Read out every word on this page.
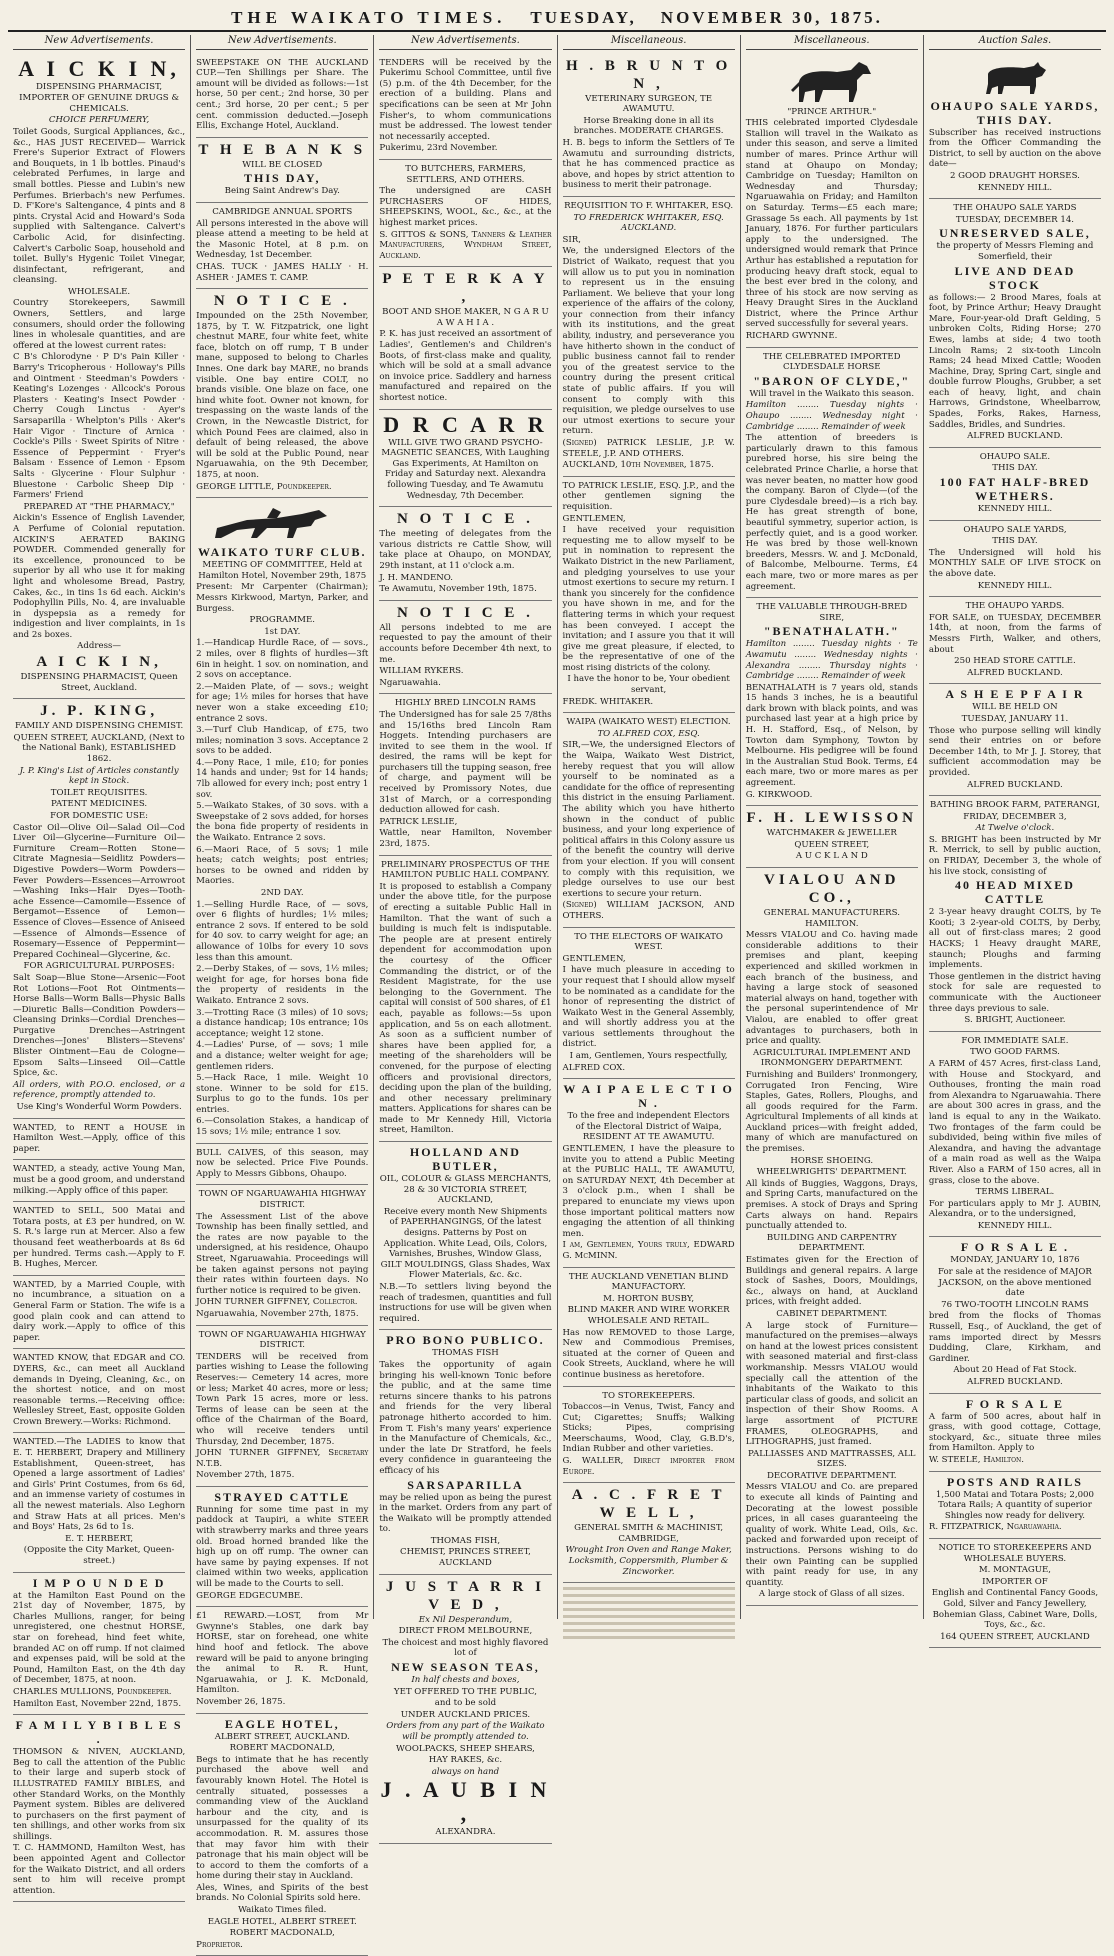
THE WAIKATO TIMES. TUESDAY, NOVEMBER 30, 1875.
New Advertisements.
A I C K I N,

DISPENSING PHARMACIST,

IMPORTER OF GENUINE DRUGS & CHEMICALS.

CHOICE PERFUMERY,

Toilet Goods, Surgical Appliances, &c., &c., HAS JUST RECEIVED— Warrick Frere's Superior Extract of Flowers and Bouquets, in 1 lb bottles. Pinaud's celebrated Perfumes, in large and small bottles. Piesse and Lubin's new Perfumes. Brierbach's new Perfumes. D. F'Kore's Saltengance, 4 pints and 8 pints. Crystal Acid and Howard's Soda supplied with Saltengance. Calvert's Carbolic Acid, for disinfecting. Calvert's Carbolic Soap, household and toilet. Bully's Hygenic Toilet Vinegar, disinfectant, refrigerant, and cleansing.

WHOLESALE.

Country Storekeepers, Sawmill Owners, Settlers, and large consumers, should order the following lines in wholesale quantities, and are offered at the lowest current rates:

C B's Chlorodyne · P D's Pain Killer · Barry's Tricopherous · Holloway's Pills and Ointment · Steedman's Powders · Keating's Lozenges · Allcock's Porous Plasters · Keating's Insect Powder · Cherry Cough Linctus · Ayer's Sarsaparilla · Whelpton's Pills · Aker's Hair Vigor · Tincture of Arnica · Cockle's Pills · Sweet Spirits of Nitre · Essence of Peppermint · Fryer's Balsam · Essence of Lemon · Epsom Salts · Glycerine · Flour Sulphur · Bluestone · Carbolic Sheep Dip · Farmers' Friend

PREPARED AT "THE PHARMACY,"

Aickin's Essence of English Lavender, A Perfume of Colonial reputation. AICKIN'S AERATED BAKING POWDER. Commended generally for its excellence, pronounced to be superior by all who use it for making light and wholesome Bread, Pastry, Cakes, &c., in tins 1s 6d each. Aickin's Podophyllin Pills, No. 4, are invaluable in dyspepsia as a remedy for indigestion and liver complaints, in 1s and 2s boxes.

Address—

A I C K I N,

DISPENSING PHARMACIST, Queen Street, Auckland.

J. P. KING,

FAMILY AND DISPENSING CHEMIST.

QUEEN STREET, AUCKLAND, (Next to the National Bank), ESTABLISHED 1862.

J. P. King's List of Articles constantly kept in Stock.

TOILET REQUISITES.

PATENT MEDICINES.

FOR DOMESTIC USE:

Castor Oil—Olive Oil—Salad Oil—Cod Liver Oil—Glycerine—Furniture Oil—Furniture Cream—Rotten Stone—Citrate Magnesia—Seidlitz Powders—Digestive Powders—Worm Powders—Fever Powders—Essences—Arrowroot—Washing Inks—Hair Dyes—Tooth-ache Essence—Camomile—Essence of Bergamot—Essence of Lemon—Essence of Cloves—Essence of Aniseed—Essence of Almonds—Essence of Rosemary—Essence of Peppermint—Prepared Cochineal—Glycerine, &c.

FOR AGRICULTURAL PURPOSES:

Salt Soap—Blue Stone—Arsenic—Foot Rot Lotions—Foot Rot Ointments—Horse Balls—Worm Balls—Physic Balls—Diuretic Balls—Condition Powders—Cleansing Drinks—Cordial Drenches—Purgative Drenches—Astringent Drenches—Jones' Blisters—Stevens' Blister Ointment—Eau de Cologne—Epsom Salts—Linseed Oil—Cattle Spice, &c.

All orders, with P.O.O. enclosed, or a reference, promptly attended to.

Use King's Wonderful Worm Powders.

WANTED, to RENT a HOUSE in Hamilton West.—Apply, office of this paper.

WANTED, a steady, active Young Man, must be a good groom, and understand milking.—Apply office of this paper.

WANTED to SELL, 500 Matai and Totara posts, at £3 per hundred, on W. S. R.'s large run at Mercer. Also a few thousand feet weatherboards at 8s 6d per hundred. Terms cash.—Apply to F. B. Hughes, Mercer.

WANTED, by a Married Couple, with no incumbrance, a situation on a General Farm or Station. The wife is a good plain cook and can attend to dairy work.—Apply to office of this paper.

WANTED KNOW, that EDGAR and CO. DYERS, &c., can meet all Auckland demands in Dyeing, Cleaning, &c., on the shortest notice, and on most reasonable terms.—Receiving office: Wellesley Street, East, opposite Golden Crown Brewery.—Works: Richmond.

WANTED.—The LADIES to know that E. T. HERBERT, Drapery and Millinery Establishment, Queen-street, has Opened a large assortment of Ladies' and Girls' Print Costumes, from 6s 6d, and an immense variety of costumes in all the newest materials. Also Leghorn and Straw Hats at all prices. Men's and Boys' Hats, 2s 6d to 1s.

E. T. HERBERT,

(Opposite the City Market, Queen-street.)

I M P O U N D E D

at the Hamilton East Pound on the 21st day of November, 1875, by Charles Mullions, ranger, for being unregistered, one chestnut HORSE, star on forehead, hind feet white, branded AC on off rump. If not claimed and expenses paid, will be sold at the Pound, Hamilton East, on the 4th day of December, 1875, at noon.

CHARLES MULLIONS, Poundkeeper.

Hamilton East, November 22nd, 1875.

F A M I L Y B I B L E S .

THOMSON & NIVEN, AUCKLAND, Beg to call the attention of the Public to their large and superb stock of ILLUSTRATED FAMILY BIBLES, and other Standard Works, on the Monthly Payment system. Bibles are delivered to purchasers on the first payment of ten shillings, and other works from six shillings.

T. C. HAMMOND, Hamilton West, has been appointed Agent and Collector for the Waikato District, and all orders sent to him will receive prompt attention.

New Advertisements.

SWEEPSTAKE ON THE AUCKLAND CUP.—Ten Shillings per Share. The amount will be divided as follows:—1st horse, 50 per cent.; 2nd horse, 30 per cent.; 3rd horse, 20 per cent.; 5 per cent. commission deducted.—Joseph Ellis, Exchange Hotel, Auckland.

T H E B A N K S

WILL BE CLOSED

THIS DAY,

Being Saint Andrew's Day.

CAMBRIDGE ANNUAL SPORTS

All persons interested in the above will please attend a meeting to be held at the Masonic Hotel, at 8 p.m. on Wednesday, 1st December.

CHAS. TUCK · JAMES HALLY · H. ASHER · JAMES T. CAMP.

N O T I C E .

Impounded on the 25th November, 1875, by T. W. Fitzpatrick, one light chestnut MARE, four white feet, white face, blotch on off rump, T B under mane, supposed to belong to Charles Innes. One dark bay MARE, no brands visible. One bay entire COLT, no brands visible. One blaze on face, one hind white foot. Owner not known, for trespassing on the waste lands of the Crown, in the Newcastle District, for which Pound Fees are claimed, also in default of being released, the above will be sold at the Public Pound, near Ngaruawahia, on the 9th December, 1875, at noon.

GEORGE LITTLE, Poundkeeper.

WAIKATO TURF CLUB.

MEETING OF COMMITTEE, Held at Hamilton Hotel, November 29th, 1875

Present: Mr Carpenter (Chairman); Messrs Kirkwood, Martyn, Parker, and Burgess.

PROGRAMME.

1st DAY.

1.—Handicap Hurdle Race, of — sovs., 2 miles, over 8 flights of hurdles—3ft 6in in height. 1 sov. on nomination, and 2 sovs on acceptance.

2.—Maiden Plate, of — sovs.; weight for age; 1½ miles for horses that have never won a stake exceeding £10; entrance 2 sovs.

3.—Turf Club Handicap, of £75, two miles; nomination 3 sovs. Acceptance 2 sovs to be added.

4.—Pony Race, 1 mile, £10; for ponies 14 hands and under; 9st for 14 hands; 7lb allowed for every inch; post entry 1 sov.

5.—Waikato Stakes, of 30 sovs. with a Sweepstake of 2 sovs added, for horses the bona fide property of residents in the Waikato. Entrance 2 sovs.

6.—Maori Race, of 5 sovs; 1 mile heats; catch weights; post entries; horses to be owned and ridden by Maories.

2ND DAY.

1.—Selling Hurdle Race, of — sovs, over 6 flights of hurdles; 1½ miles; entrance 2 sovs. If entered to be sold for 40 sov. to carry weight for age; an allowance of 10lbs for every 10 sovs less than this amount.

2.—Derby Stakes, of — sovs, 1½ miles; weight for age, for horses bona fide the property of residents in the Waikato. Entrance 2 sovs.

3.—Trotting Race (3 miles) of 10 sovs; a distance handicap; 10s entrance; 10s acceptance; weight 12 stone.

4.—Ladies' Purse, of — sovs; 1 mile and a distance; welter weight for age; gentlemen riders.

5.—Hack Race, 1 mile. Weight 10 stone. Winner to be sold for £15. Surplus to go to the funds. 10s per entries.

6.—Consolation Stakes, a handicap of 15 sovs; 1½ mile; entrance 1 sov.

BULL CALVES, of this season, may now be selected. Price Five Pounds. Apply to Messrs Gibbons, Ohaupo.

TOWN OF NGARUAWAHIA HIGHWAY DISTRICT.

The Assessment List of the above Township has been finally settled, and the rates are now payable to the undersigned, at his residence, Ohaupo Street, Ngaruawahia. Proceedings will be taken against persons not paying their rates within fourteen days. No further notice is required to be given.

JOHN TURNER GIFFNEY, Collector.

Ngaruawahia, November 27th, 1875.

TOWN OF NGARUAWAHIA HIGHWAY DISTRICT.

TENDERS will be received from parties wishing to Lease the following Reserves:— Cemetery 14 acres, more or less; Market 40 acres, more or less; Town Park 15 acres, more or less. Terms of lease can be seen at the office of the Chairman of the Board, who will receive tenders until Thursday, 2nd December, 1875.

JOHN TURNER GIFFNEY, Secretary N.T.B.

November 27th, 1875.

STRAYED CATTLE

Running for some time past in my paddock at Taupiri, a white STEER with strawberry marks and three years old. Broad horned branded like the high up on off rump. The owner can have same by paying expenses. If not claimed within two weeks, application will be made to the Courts to sell.

GEORGE EDGECUMBE.

£1 REWARD.—LOST, from Mr Gwynne's Stables, one dark bay HORSE, star on forehead, one white hind hoof and fetlock. The above reward will be paid to anyone bringing the animal to R. R. Hunt, Ngaruawahia, or J. K. McDonald, Hamilton.

November 26, 1875.

EAGLE HOTEL,

ALBERT STREET, AUCKLAND.

ROBERT MACDONALD,

Begs to intimate that he has recently purchased the above well and favourably known Hotel. The Hotel is centrally situated, possesses a commanding view of the Auckland harbour and the city, and is unsurpassed for the quality of its accommodation. R. M. assures those that may favor him with their patronage that his main object will be to accord to them the comforts of a home during their stay in Auckland.

Ales, Wines, and Spirits of the best brands. No Colonial Spirits sold here.

Waikato Times filed.

EAGLE HOTEL, ALBERT STREET.

ROBERT MACDONALD,

Proprietor.

New Advertisements.

TENDERS will be received by the Pukerimu School Committee, until five (5) p.m. of the 4th December, for the erection of a building. Plans and specifications can be seen at Mr John Fisher's, to whom communications must be addressed. The lowest tender not necessarily accepted.

Pukerimu, 23rd November.

TO BUTCHERS, FARMERS, SETTLERS, AND OTHERS.

The undersigned are CASH PURCHASERS OF HIDES, SHEEPSKINS, WOOL, &c., &c., at the highest market prices.

S. GITTOS & SONS, Tanners & Leather Manufacturers, Wyndham Street, Auckland.

P E T E R K A Y ,

BOOT AND SHOE MAKER, N G A R U A W A H I A .

P. K. has just received an assortment of Ladies', Gentlemen's and Children's Boots, of first-class make and quality, which will be sold at a small advance on invoice price. Saddlery and harness manufactured and repaired on the shortest notice.

D R C A R R

WILL GIVE TWO GRAND PSYCHO-MAGNETIC SEANCES, With Laughing Gas Experiments, At Hamilton on Friday and Saturday next. Alexandra following Tuesday, and Te Awamutu Wednesday, 7th December.

N O T I C E .

The meeting of delegates from the various districts re Cattle Show, will take place at Ohaupo, on MONDAY, 29th instant, at 11 o'clock a.m.

J. H. MANDENO.

Te Awamutu, November 19th, 1875.

N O T I C E .

All persons indebted to me are requested to pay the amount of their accounts before December 4th next, to me.

WILLIAM RYKERS.

Ngaruawahia.

HIGHLY BRED LINCOLN RAMS

The Undersigned has for sale 25 7/8ths and 15/16ths bred Lincoln Ram Hoggets. Intending purchasers are invited to see them in the wool. If desired, the rams will be kept for purchasers till the tupping season, free of charge, and payment will be received by Promissory Notes, due 31st of March, or a corresponding deduction allowed for cash.

PATRICK LESLIE,

Wattle, near Hamilton, November 23rd, 1875.

PRELIMINARY PROSPECTUS OF THE HAMILTON PUBLIC HALL COMPANY.

It is proposed to establish a Company under the above title, for the purpose of erecting a suitable Public Hall in Hamilton. That the want of such a building is much felt is indisputable. The people are at present entirely dependent for accommodation upon the courtesy of the Officer Commanding the district, or of the Resident Magistrate, for the use belonging to the Government. The capital will consist of 500 shares, of £1 each, payable as follows:—5s upon application, and 5s on each allotment. As soon as a sufficient number of shares have been applied for, a meeting of the shareholders will be convened, for the purpose of electing officers and provisional directors, deciding upon the plan of the building, and other necessary preliminary matters. Applications for shares can be made to Mr Kennedy Hill, Victoria street, Hamilton.

HOLLAND AND BUTLER,

OIL, COLOUR & GLASS MERCHANTS, 28 & 30 VICTORIA STREET, AUCKLAND,

Receive every month New Shipments of PAPERHANGINGS, Of the latest designs. Patterns by Post on Application. White Lead, Oils, Colors, Varnishes, Brushes, Window Glass, GILT MOULDINGS, Glass Shades, Wax Flower Materials, &c. &c.

N.B.—To settlers living beyond the reach of tradesmen, quantities and full instructions for use will be given when required.

PRO BONO PUBLICO.

THOMAS FISH

Takes the opportunity of again bringing his well-known Tonic before the public, and at the same time returns sincere thanks to his patrons and friends for the very liberal patronage hitherto accorded to him. From T. Fish's many years' experience in the Manufacture of Chemicals, &c., under the late Dr Stratford, he feels every confidence in guaranteeing the efficacy of his

SARSAPARILLA

may be relied upon as being the purest in the market. Orders from any part of the Waikato will be promptly attended to.

THOMAS FISH,

CHEMIST, PRINCES STREET, AUCKLAND

J U S T A R R I V E D ,

Ex Nil Desperandum,

DIRECT FROM MELBOURNE,

The choicest and most highly flavored lot of

NEW SEASON TEAS,

In half chests and boxes,

YET OFFERED TO THE PUBLIC,

and to be sold

UNDER AUCKLAND PRICES.

Orders from any part of the Waikato will be promptly attended to.

WOOLPACKS, SHEEP SHEARS,

HAY RAKES, &c.

always on hand

J . A U B I N ,

ALEXANDRA.

Miscellaneous.
H . B R U N T O N ,

VETERINARY SURGEON, TE AWAMUTU.

Horse Breaking done in all its branches. MODERATE CHARGES.

H. B. begs to inform the Settlers of Te Awamutu and surrounding districts, that he has commenced practice as above, and hopes by strict attention to business to merit their patronage.

REQUISITION TO F. WHITAKER, ESQ.

TO FREDERICK WHITAKER, ESQ. AUCKLAND.

SIR,

We, the undersigned Electors of the District of Waikato, request that you will allow us to put you in nomination to represent us in the ensuing Parliament. We believe that your long experience of the affairs of the colony, your connection from their infancy with its institutions, and the great ability, industry, and perseverance you have hitherto shown in the conduct of public business cannot fail to render you of the greatest service to the country during the present critical state of public affairs. If you will consent to comply with this requisition, we pledge ourselves to use our utmost exertions to secure your return.

(Signed) PATRICK LESLIE, J.P. W. STEELE, J.P. AND OTHERS.

AUCKLAND, 10th November, 1875.

TO PATRICK LESLIE, ESQ. J.P., and the other gentlemen signing the requisition.

GENTLEMEN,

I have received your requisition requesting me to allow myself to be put in nomination to represent the Waikato District in the new Parliament, and pledging yourselves to use your utmost exertions to secure my return. I thank you sincerely for the confidence you have shown in me, and for the flattering terms in which your request has been conveyed. I accept the invitation; and I assure you that it will give me great pleasure, if elected, to be the representative of one of the most rising districts of the colony.

I have the honor to be, Your obedient servant,

FREDK. WHITAKER.

WAIPA (WAIKATO WEST) ELECTION.

TO ALFRED COX, ESQ.

SIR,—We, the undersigned Electors of the Waipa, Waikato West District, hereby request that you will allow yourself to be nominated as a candidate for the office of representing this district in the ensuing Parliament. The ability which you have hitherto shown in the conduct of public business, and your long experience of political affairs in this Colony assure us of the benefit the country will derive from your election. If you will consent to comply with this requisition, we pledge ourselves to use our best exertions to secure your return.

(Signed) WILLIAM JACKSON, AND OTHERS.

TO THE ELECTORS OF WAIKATO WEST.

GENTLEMEN,

I have much pleasure in acceding to your request that I should allow myself to be nominated as a candidate for the honor of representing the district of Waikato West in the General Assembly, and will shortly address you at the various settlements throughout the district.

I am, Gentlemen, Yours respectfully,

ALFRED COX.

W A I P A E L E C T I O N .

To the free and independent Electors of the Electoral District of Waipa, RESIDENT AT TE AWAMUTU.

GENTLEMEN, I have the pleasure to invite you to attend a Public Meeting at the PUBLIC HALL, TE AWAMUTU, on SATURDAY NEXT, 4th December at 3 o'clock p.m., when I shall be prepared to enunciate my views upon those important political matters now engaging the attention of all thinking men.

I am, Gentlemen, Yours truly, EDWARD G. McMINN.

THE AUCKLAND VENETIAN BLIND MANUFACTORY.

M. HORTON BUSBY,

BLIND MAKER AND WIRE WORKER WHOLESALE AND RETAIL.

Has now REMOVED to those Large, New and Commodious Premises, situated at the corner of Queen and Cook Streets, Auckland, where he will continue business as heretofore.

TO STOREKEEPERS.

Tobaccos—in Venus, Twist, Fancy and Cut; Cigarettes; Snuffs; Walking Sticks; Pipes, comprising Meerschaums, Wood, Clay, G.B.D's, Indian Rubber and other varieties.

G. WALLER, Direct importer from Europe.

A . C . F R E T W E L L ,

GENERAL SMITH & MACHINIST, CAMBRIDGE,

Wrought Iron Oven and Range Maker, Locksmith, Coppersmith, Plumber & Zincworker.

Miscellaneous.

"PRINCE ARTHUR."

THIS celebrated imported Clydesdale Stallion will travel in the Waikato as under this season, and serve a limited number of mares. Prince Arthur will stand at Ohaupo on Monday; Cambridge on Tuesday; Hamilton on Wednesday and Thursday; Ngaruawahia on Friday; and Hamilton on Saturday. Terms—£5 each mare; Grassage 5s each. All payments by 1st January, 1876. For further particulars apply to the undersigned. The undersigned would remark that Prince Arthur has established a reputation for producing heavy draft stock, equal to the best ever bred in the colony, and three of his stock are now serving as Heavy Draught Sires in the Auckland District, where the Prince Arthur served successfully for several years.

RICHARD GWYNNE.

THE CELEBRATED IMPORTED CLYDESDALE HORSE

"BARON OF CLYDE,"

Will travel in the Waikato this season.

Hamilton ........ Tuesday nights · Ohaupo ........ Wednesday night · Cambridge ........ Remainder of week

The attention of breeders is particularly drawn to this famous purebred horse, his sire being the celebrated Prince Charlie, a horse that was never beaten, no matter how good the company. Baron of Clyde—(of the pure Clydesdale breed)—is a rich bay. He has great strength of bone, beautiful symmetry, superior action, is perfectly quiet, and is a good worker. He was bred by those well-known breeders, Messrs. W. and J. McDonald, of Balcombe, Melbourne. Terms, £4 each mare, two or more mares as per agreement.

THE VALUABLE THROUGH-BRED SIRE,

"BENATHALATH."

Hamilton ........ Tuesday nights · Te Awamutu ........ Wednesday nights · Alexandra ........ Thursday nights · Cambridge ........ Remainder of week

BENATHALATH is 7 years old, stands 15 hands 3 inches, he is a beautiful dark brown with black points, and was purchased last year at a high price by H. H. Stafford, Esq., of Nelson, by Towton dam Symphony, Towton by Melbourne. His pedigree will be found in the Australian Stud Book. Terms, £4 each mare, two or more mares as per agreement.

G. KIRKWOOD.

F. H. LEWISSON

WATCHMAKER & JEWELLER

QUEEN STREET,

A U C K L A N D

VIALOU AND CO.,

GENERAL MANUFACTURERS. HAMILTON.

Messrs VIALOU and Co. having made considerable additions to their premises and plant, keeping experienced and skilled workmen in each branch of the business, and having a large stock of seasoned material always on hand, together with the personal superintendence of Mr Vialou, are enabled to offer great advantages to purchasers, both in price and quality.

AGRICULTURAL IMPLEMENT AND IRONMONGERY DEPARTMENT.

Furnishing and Builders' Ironmongery, Corrugated Iron Fencing, Wire Staples, Gates, Rollers, Ploughs, and all goods required for the Farm. Agricultural Implements of all kinds at Auckland prices—with freight added, many of which are manufactured on the premises.

HORSE SHOEING.

WHEELWRIGHTS' DEPARTMENT.

All kinds of Buggies, Waggons, Drays, and Spring Carts, manufactured on the premises. A stock of Drays and Spring Carts always on hand. Repairs punctually attended to.

BUILDING AND CARPENTRY DEPARTMENT.

Estimates given for the Erection of Buildings and general repairs. A large stock of Sashes, Doors, Mouldings, &c., always on hand, at Auckland prices, with freight added.

CABINET DEPARTMENT.

A large stock of Furniture—manufactured on the premises—always on hand at the lowest prices consistent with seasoned material and first-class workmanship. Messrs VIALOU would specially call the attention of the inhabitants of the Waikato to this particular class of goods, and solicit an inspection of their Show Rooms. A large assortment of PICTURE FRAMES, OLEOGRAPHS, and LITHOGRAPHS, just framed.

PALLIASSES AND MATTRASSES, ALL SIZES.

DECORATIVE DEPARTMENT.

Messrs VIALOU and Co. are prepared to execute all kinds of Painting and Decorating at the lowest possible prices, in all cases guaranteeing the quality of work. White Lead, Oils, &c. packed and forwarded upon receipt of instructions. Persons wishing to do their own Painting can be supplied with paint ready for use, in any quantity.

A large stock of Glass of all sizes.

Auction Sales.
OHAUPO SALE YARDS,
THIS DAY.

Subscriber has received instructions from the Officer Commanding the District, to sell by auction on the above date—

2 GOOD DRAUGHT HORSES.

KENNEDY HILL.

THE OHAUPO SALE YARDS

TUESDAY, DECEMBER 14.

UNRESERVED SALE,

the property of Messrs Fleming and Somerfield, their

LIVE AND DEAD STOCK

as follows:— 2 Brood Mares, foals at foot, by Prince Arthur; Heavy Draught Mare, Four-year-old Draft Gelding, 5 unbroken Colts, Riding Horse; 270 Ewes, lambs at side; 4 two tooth Lincoln Rams; 2 six-tooth Lincoln Rams; 24 head Mixed Cattle; Wooden Machine, Dray, Spring Cart, single and double furrow Ploughs, Grubber, a set each of heavy, light, and chain Harrows, Grindstone, Wheelbarrow, Spades, Forks, Rakes, Harness, Saddles, Bridles, and Sundries.

ALFRED BUCKLAND.

OHAUPO SALE.

THIS DAY.

100 FAT HALF-BRED WETHERS.

KENNEDY HILL.

OHAUPO SALE YARDS,

THIS DAY.

The Undersigned will hold his MONTHLY SALE OF LIVE STOCK on the above date.

KENNEDY HILL.

THE OHAUPO YARDS.

FOR SALE, on TUESDAY, DECEMBER 14th, at noon, from the farms of Messrs Firth, Walker, and others, about

250 HEAD STORE CATTLE.

ALFRED BUCKLAND.

A S H E E P F A I R

WILL BE HELD ON

TUESDAY, JANUARY 11.

Those who purpose selling will kindly send their entries on or before December 14th, to Mr J. J. Storey, that sufficient accommodation may be provided.

ALFRED BUCKLAND.

BATHING BROOK FARM, PATERANGI,

FRIDAY, DECEMBER 3,

At Twelve o'clock.

S. BRIGHT has been instructed by Mr R. Merrick, to sell by public auction, on FRIDAY, December 3, the whole of his live stock, consisting of

40 HEAD MIXED CATTLE

2 3-year heavy draught COLTS, by Te Kooti; 3 2-year-old COLTS, by Derby, all out of first-class mares; 2 good HACKS; 1 Heavy draught MARE, staunch; Ploughs and farming implements.

Those gentlemen in the district having stock for sale are requested to communicate with the Auctioneer three days previous to sale.

S. BRIGHT, Auctioneer.

FOR IMMEDIATE SALE.

TWO GOOD FARMS.

A FARM of 457 Acres, first-class Land, with House and Stockyard, and Outhouses, fronting the main road from Alexandra to Ngaruawahia. There are about 300 acres in grass, and the land is equal to any in the Waikato. Two frontages of the farm could be subdivided, being within five miles of Alexandra, and having the advantage of a main road as well as the Waipa River. Also a FARM of 150 acres, all in grass, close to the above.

TERMS LIBERAL.

For particulars apply to Mr J. AUBIN, Alexandra, or to the undersigned,

KENNEDY HILL.

F O R S A L E .

MONDAY, JANUARY 10, 1876

For sale at the residence of MAJOR JACKSON, on the above mentioned date

76 TWO-TOOTH LINCOLN RAMS

bred from the flocks of Thomas Russell, Esq., of Auckland, the get of rams imported direct by Messrs Dudding, Clare, Kirkham, and Gardiner.

About 20 Head of Fat Stock.

ALFRED BUCKLAND.

F O R S A L E

A farm of 500 acres, about half in grass, with good cottage, Cottage, stockyard, &c., situate three miles from Hamilton. Apply to

W. STEELE, Hamilton.

POSTS AND RAILS

1,500 Matai and Totara Posts; 2,000 Totara Rails; A quantity of superior Shingles now ready for delivery.

R. FITZPATRICK, Ngaruawahia.

NOTICE TO STOREKEEPERS AND WHOLESALE BUYERS.

M. MONTAGUE,

IMPORTER OF

English and Continental Fancy Goods, Gold, Silver and Fancy Jewellery, Bohemian Glass, Cabinet Ware, Dolls, Toys, &c., &c.

164 QUEEN STREET, AUCKLAND
